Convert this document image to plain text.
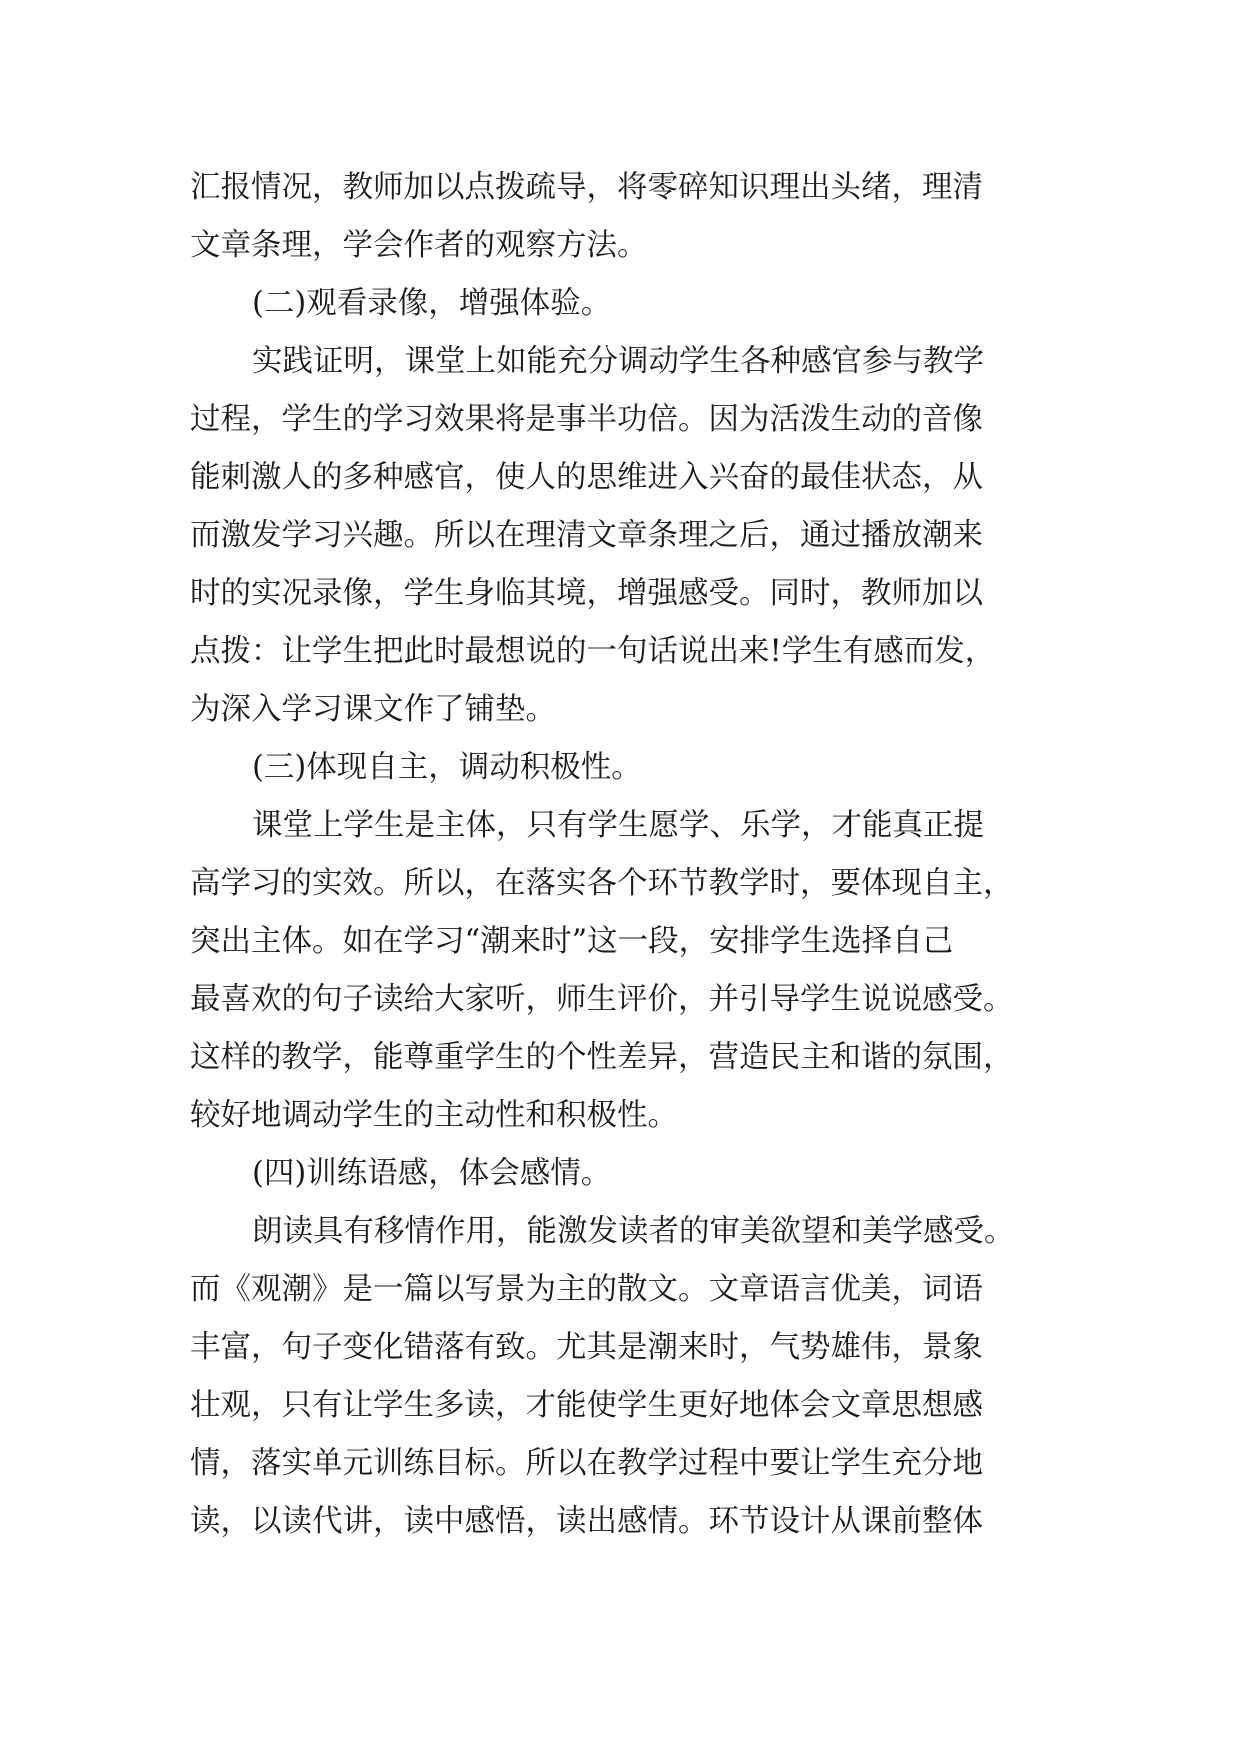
汇报情况，教师加以点拨疏导，将零碎知识理出头绪，理清
文章条理，学会作者的观察方法。
(二)观看录像，增强体验。
实践证明，课堂上如能充分调动学生各种感官参与教学
过程，学生的学习效果将是事半功倍。因为活泼生动的音像
能刺激人的多种感官，使人的思维进入兴奋的最佳状态，从
而激发学习兴趣。所以在理清文章条理之后，通过播放潮来
时的实况录像，学生身临其境，增强感受。同时，教师加以
点拨：让学生把此时最想说的一句话说出来!学生有感而发，
为深入学习课文作了铺垫。
(三)体现自主，调动积极性。
课堂上学生是主体，只有学生愿学、乐学，才能真正提
高学习的实效。所以，在落实各个环节教学时，要体现自主，
突出主体。如在学习“潮来时”这一段，安排学生选择自己
最喜欢的句子读给大家听，师生评价，并引导学生说说感受。
这样的教学，能尊重学生的个性差异，营造民主和谐的氛围，
较好地调动学生的主动性和积极性。
(四)训练语感，体会感情。
朗读具有移情作用，能激发读者的审美欲望和美学感受。
而《观潮》是一篇以写景为主的散文。文章语言优美，词语
丰富，句子变化错落有致。尤其是潮来时，气势雄伟，景象
壮观，只有让学生多读，才能使学生更好地体会文章思想感
情，落实单元训练目标。所以在教学过程中要让学生充分地
读，以读代讲，读中感悟，读出感情。环节设计从课前整体
